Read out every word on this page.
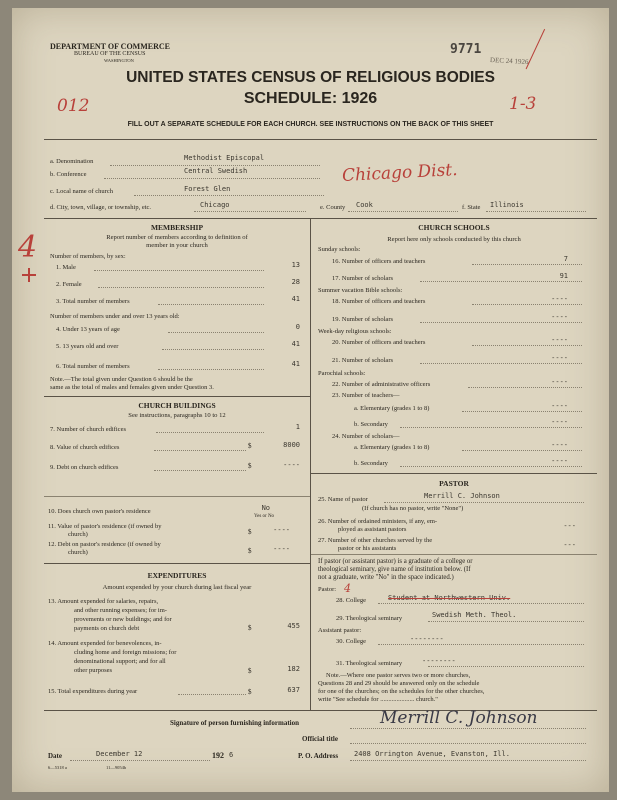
DEPARTMENT OF COMMERCE
BUREAU OF THE CENSUS
WASHINGTON
9771
DEC 24 1926
UNITED STATES CENSUS OF RELIGIOUS BODIES
SCHEDULE: 1926
012	1-3
FILL OUT A SEPARATE SCHEDULE FOR EACH CHURCH. SEE INSTRUCTIONS ON THE BACK OF THIS SHEET
a. Denomination	Methodist Episcopal
b. Conference	Central Swedish	Chicago Dist.
c. Local name of church	Forest Glen
d. City, town, village, or township, etc.	Chicago	e. County Cook	f. State Illinois
MEMBERSHIP
Report number of members according to definition of
member in your church
4 Number of members, by sex:
1. Male	13
2. Female	28
3. Total number of members	41
Number of members under and over 13 years old:
4. Under 13 years of age	0
5. 13 years old and over	41
6. Total number of members	41
Note.—The total given under Question 6 should be the
same as the total of males and females given under Question 3.
CHURCH BUILDINGS
See instructions, paragraphs 10 to 12
7. Number of church edifices	1
8. Value of church edifices	$	8000
9. Debt on church edifices	$	----
10. Does church own pastor's residence	No
Yes or No
11. Value of pastor's residence (if owned by
church)	$	----
12. Debt on pastor's residence (if owned by
church)	$	----
EXPENDITURES
Amount expended by your church during last fiscal year
13. Amount expended for salaries, repairs,
and other running expenses; for im-
provements or new buildings; and for
payments on church debt	$	455
14. Amount expended for benevolences, in-
cluding home and foreign missions; for
denominational support; and for all
other purposes	$	182
15. Total expenditures during year	$	637
CHURCH SCHOOLS
Report here only schools conducted by this church
Sunday schools:
16. Number of officers and teachers	7
17. Number of scholars	91
Summer vacation Bible schools:
18. Number of officers and teachers	----
19. Number of scholars	----
Week-day religious schools:
20. Number of officers and teachers	----
21. Number of scholars	----
Parochial schools:
22. Number of administrative officers	----
23. Number of teachers—
a. Elementary (grades 1 to 8)	----
b. Secondary	----
24. Number of scholars—
a. Elementary (grades 1 to 8)	----
b. Secondary	----
PASTOR
25. Name of pastor	Merrill C. Johnson
(If church has no pastor, write "None")
26. Number of ordained ministers, if any, em-
ployed as assistant pastors	---
27. Number of other churches served by the
pastor or his assistants	---
If pastor (or assistant pastor) is a graduate of a college or
theological seminary, give name of institution below. (If
not a graduate, write "No" in the space indicated.)
Pastor: 4
28. College	Student at Northwestern Univ.
29. Theological seminary	Swedish Meth. Theol.
Assistant pastor:
30. College	--------
31. Theological seminary	--------
Note.—Where one pastor serves two or more churches,
Questions 28 and 29 should be answered only on the schedule
for one of the churches; on the schedules for the other churches,
write "See schedule for ..................... church."
Signature of person furnishing information	Merrill C. Johnson
Official title
Date	December 12	192 6
6—5318 a	11—9054b
P. O. Address 2408 Orrington Avenue, Evanston, Ill.
